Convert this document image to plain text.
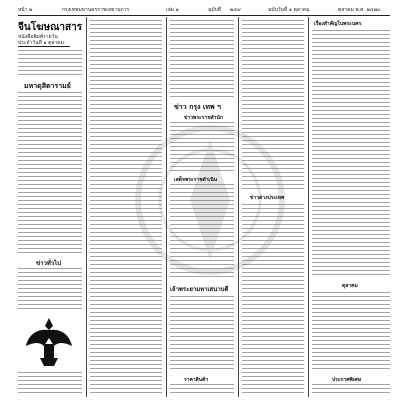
หน้า ๒	กรุงเทพมหานครราชเลขานุการ	เล่ม ๑	ฉบับที่ ๒๔๙	ฉบับวันที่ ๑ ตุลาคม	ตุลาคม พ.ศ. ๒๔๗๐
จีนโฆษณาสาร
หนังสือพิมพ์รายวัน
ประจำวันที่ ๑ ตุลาคม
มหาดุสิตารามย์
ข่าวทั่วไป
ข่าว กรุง เทพ ฯ
ข่าวพระราชสำนัก
เสด็จพระราชดำเนิน
เจ้าพระยามหาเสนาบดี
ราคาสินค้า
ข่าวต่างประเทศ
เรื่องสำคัญในพระนคร
ตุลาคม
ประกาศพิเศษ
